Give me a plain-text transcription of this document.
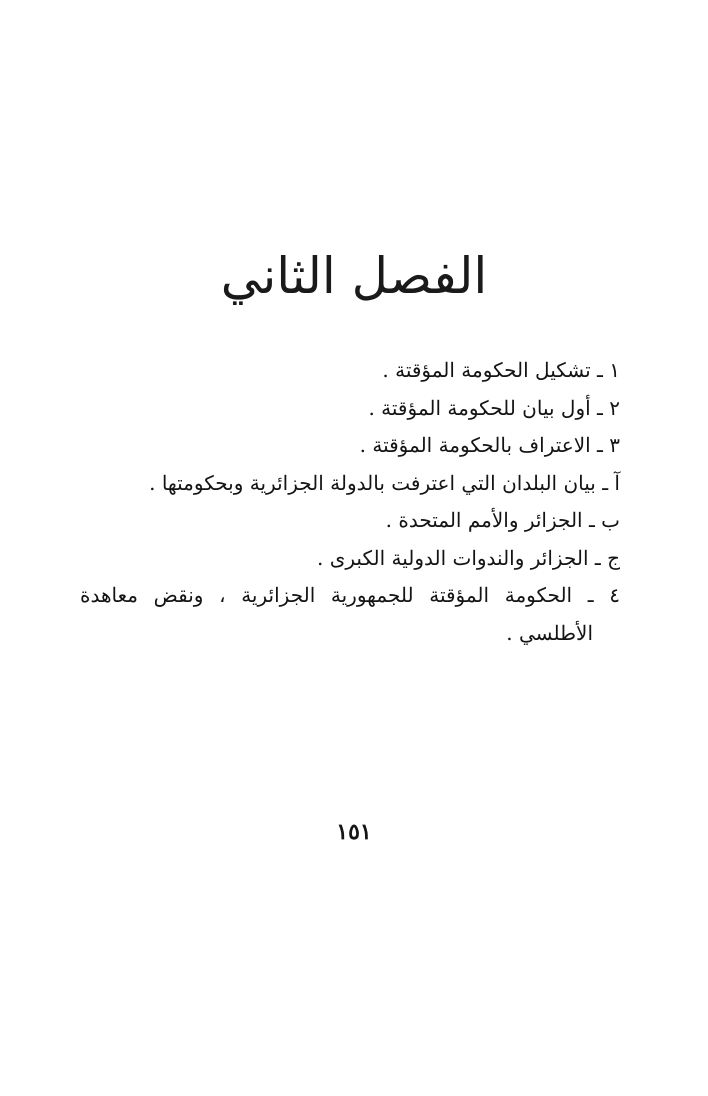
الفصل الثاني
١ ـ تشكيل الحكومة المؤقتة .
٢ ـ أول بيان للحكومة المؤقتة .
٣ ـ الاعتراف بالحكومة المؤقتة .
آ ـ بيان البلدان التي اعترفت بالدولة الجزائرية وبحكومتها .
ب ـ الجزائر والأمم المتحدة .
ج ـ الجزائر والندوات الدولية الكبرى .
٤ ـ الحكومة المؤقتة للجمهورية الجزائرية ، ونقض معاهدة
الأطلسي .
١٥١
